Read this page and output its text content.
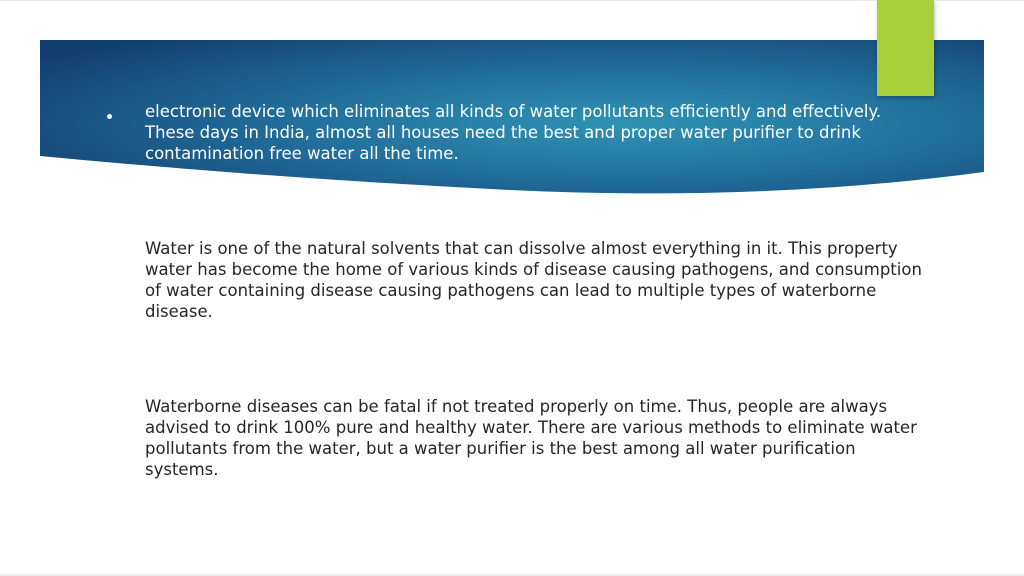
electronic device which eliminates all kinds of water pollutants efficiently and effectively. These days in India, almost all houses need the best and proper water purifier to drink contamination free water all the time.

Water is one of the natural solvents that can dissolve almost everything in it. This property water has become the home of various kinds of disease causing pathogens, and consumption of water containing disease causing pathogens can lead to multiple types of waterborne disease.

Waterborne diseases can be fatal if not treated properly on time. Thus, people are always advised to drink 100% pure and healthy water. There are various methods to eliminate water pollutants from the water, but a water purifier is the best among all water purification systems.
